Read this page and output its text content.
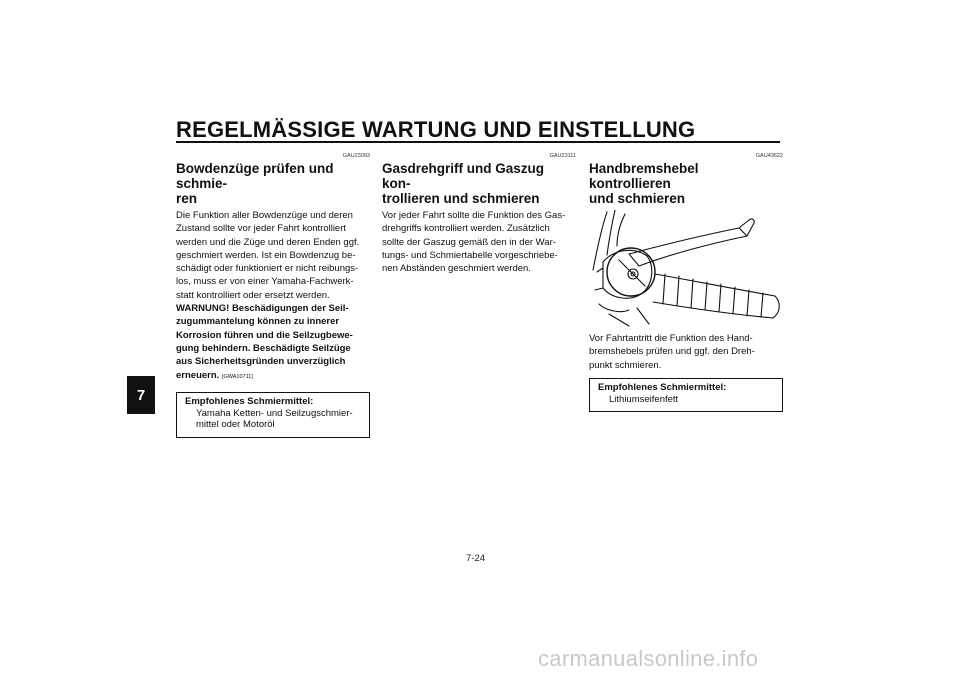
REGELMÄSSIGE WARTUNG UND EINSTELLUNG
7
GAU23093
Bowdenzüge prüfen und schmie-
ren
Die Funktion aller Bowdenzüge und deren
Zustand sollte vor jeder Fahrt kontrolliert
werden und die Züge und deren Enden ggf.
geschmiert werden. Ist ein Bowdenzug be-
schädigt oder funktioniert er nicht reibungs-
los, muss er von einer Yamaha-Fachwerk-
statt kontrolliert oder ersetzt werden.
WARNUNG! Beschädigungen der Seil-
zugummantelung können zu innerer
Korrosion führen und die Seilzugbewe-
gung behindern. Beschädigte Seilzüge
aus Sicherheitsgründen unverzüglich
erneuern. [GWA10711]
Empfohlenes Schmiermittel:
Yamaha Ketten- und Seilzugschmier-
mittel oder Motoröl
GAU23111
Gasdrehgriff und Gaszug kon-
trollieren und schmieren
Vor jeder Fahrt sollte die Funktion des Gas-
drehgriffs kontrolliert werden. Zusätzlich
sollte der Gaszug gemäß den in der War-
tungs- und Schmiertabelle vorgeschriebe-
nen Abständen geschmiert werden.
GAU43622
Handbremshebel kontrollieren
und schmieren
Vor Fahrtantritt die Funktion des Hand-
bremshebels prüfen und ggf. den Dreh-
punkt schmieren.
Empfohlenes Schmiermittel:
Lithiumseifenfett
7-24
carmanualsonline.info
